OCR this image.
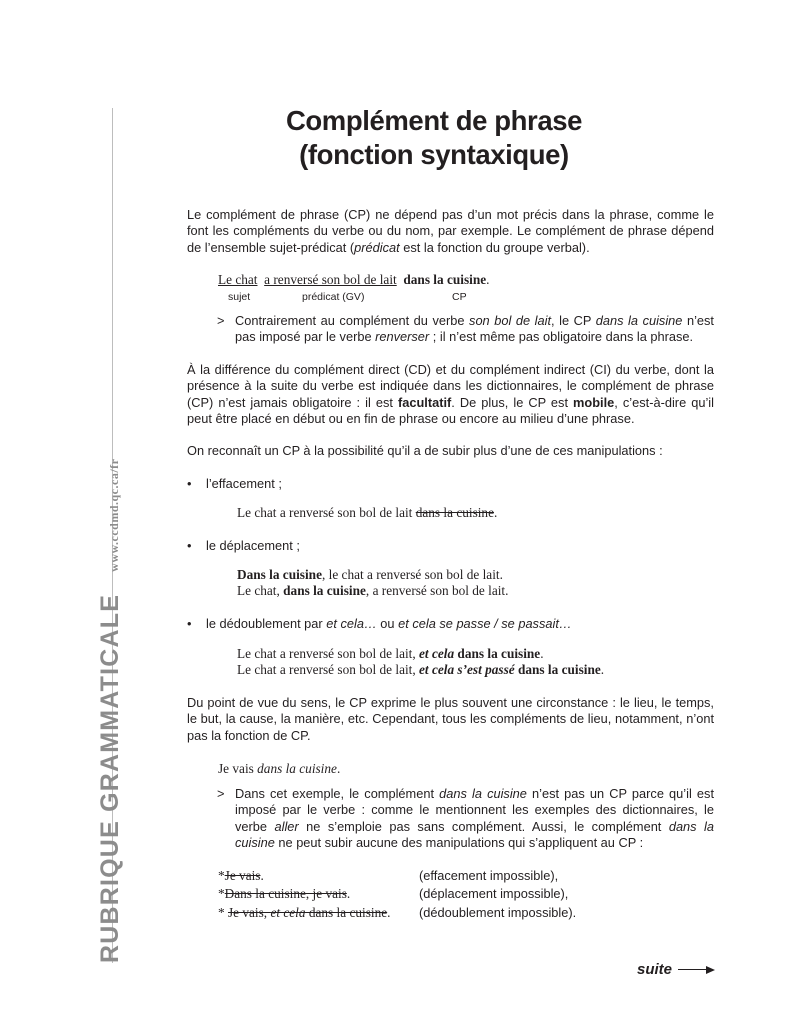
RUBRIQUE GRAMMATICALEwww.ccdmd.qc.ca/fr
Complément de phrase
(fonction syntaxique)

Le complément de phrase (CP) ne dépend pas d’un mot précis dans la phrase, comme le font les compléments du verbe ou du nom, par exemple. Le complément de phrase dépend de l’ensemble sujet-prédicat (prédicat est la fonction du groupe verbal).

Le chat a renversé son bol de lait dans la cuisine.
sujet	prédicat (GV)	CP
> Contrairement au complément du verbe son bol de lait, le CP dans la cuisine n’est pas imposé par le verbe renverser ; il n’est même pas obligatoire dans la phrase.

À la différence du complément direct (CD) et du complément indirect (CI) du verbe, dont la présence à la suite du verbe est indiquée dans les dictionnaires, le complément de phrase (CP) n’est jamais obligatoire : il est facultatif. De plus, le CP est mobile, c’est-à-dire qu’il peut être placé en début ou en fin de phrase ou encore au milieu d’une phrase.

On reconnaît un CP à la possibilité qu’il a de subir plus d’une de ces manipulations :

• l’effacement ;
Le chat a renversé son bol de lait dans la cuisine.
• le déplacement ;
Dans la cuisine, le chat a renversé son bol de lait.
Le chat, dans la cuisine, a renversé son bol de lait.
• le dédoublement par et cela… ou et cela se passe / se passait…
Le chat a renversé son bol de lait, et cela dans la cuisine.
Le chat a renversé son bol de lait, et cela s’est passé dans la cuisine.

Du point de vue du sens, le CP exprime le plus souvent une circonstance : le lieu, le temps, le but, la cause, la manière, etc. Cependant, tous les compléments de lieu, notamment, n’ont pas la fonction de CP.

Je vais dans la cuisine.
> Dans cet exemple, le complément dans la cuisine n’est pas un CP parce qu’il est imposé par le verbe : comme le mentionnent les exemples des dictionnaires, le verbe aller ne s’emploie pas sans complément. Aussi, le complément dans la cuisine ne peut subir aucune des manipulations qui s’appliquent au CP :

*Je vais.	(effacement impossible),
*Dans la cuisine, je vais.	(déplacement impossible),
* Je vais, et cela dans la cuisine. (dédoublement impossible).
suite
